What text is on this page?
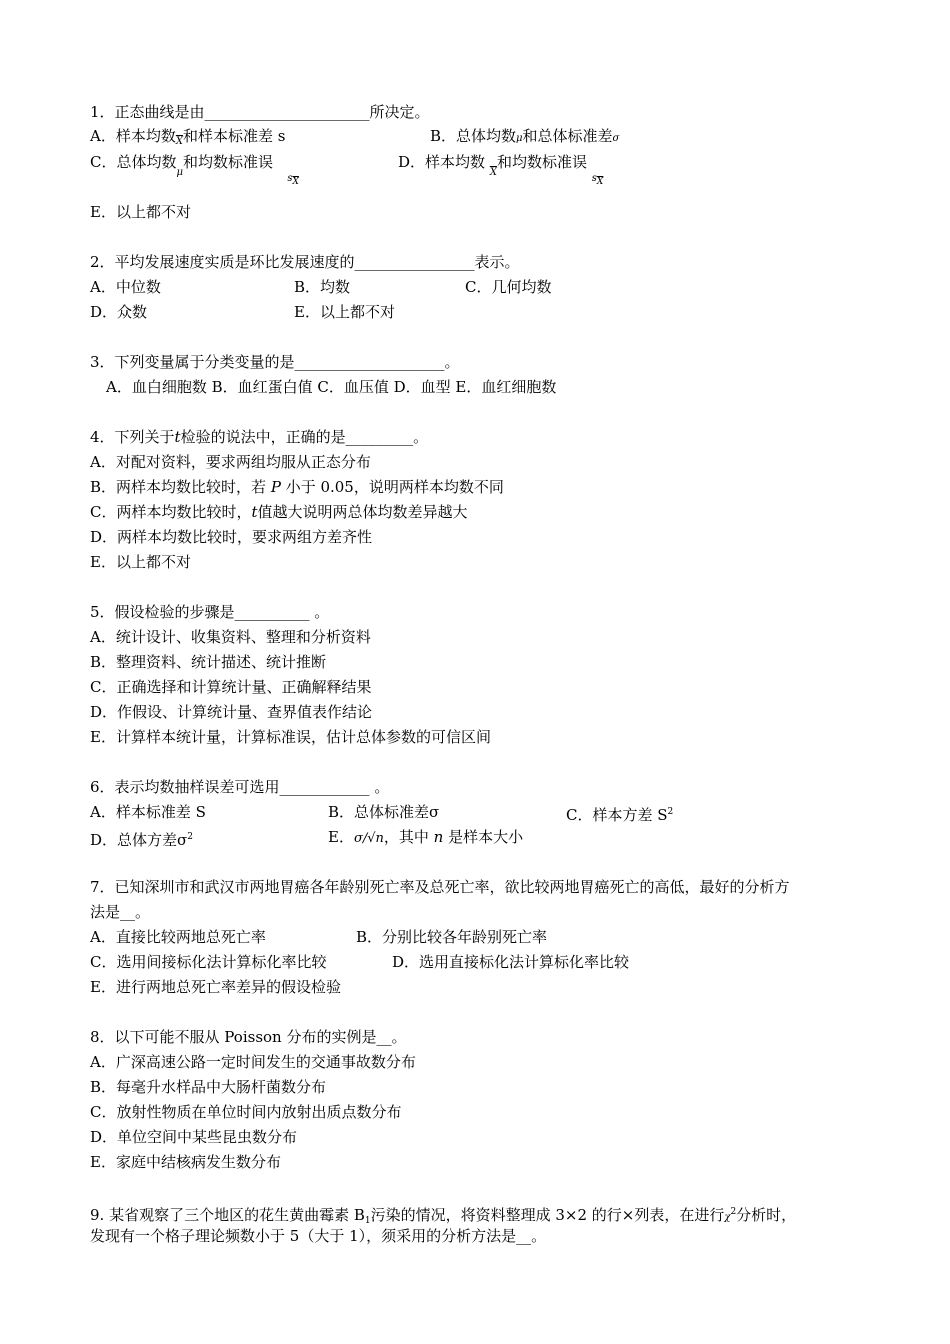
1．正态曲线是由______________________所决定。
A．样本均数$_{\overline{X}}$和样本标准差 s	B．总体均数μ和总体标准差σ
C．总体均数$_\mu$和均数标准误   $_{s_{\overline{X}}}$
D．样本均数 $_{\overline{X}}$和均数标准误 $_{s_{\overline{X}}}$
E．以上都不对
2．平均发展速度实质是环比发展速度的________________表示。
A．中位数	B．均数	C．几何均数
D．众数	E．以上都不对
3．下列变量属于分类变量的是____________________。
A．血白细胞数 B．血红蛋白值 C．血压值 D．血型 E．血红细胞数
4．下列关于t检验的说法中，正确的是_________。
A．对配对资料，要求两组均服从正态分布
B．两样本均数比较时，若 P 小于 0.05，说明两样本均数不同
C．两样本均数比较时，t值越大说明两总体均数差异越大
D．两样本均数比较时，要求两组方差齐性
E．以上都不对
5．假设检验的步骤是__________ 。
A．统计设计、收集资料、整理和分析资料
B．整理资料、统计描述、统计推断
C．正确选择和计算统计量、正确解释结果
D．作假设、计算统计量、查界值表作结论
E．计算样本统计量，计算标准误，估计总体参数的可信区间
6．表示均数抽样误差可选用____________ 。
A．样本标准差 S	B．总体标准差σ	C．样本方差 $S^2$
D．总体方差$\sigma^2$	E．σ/√n，其中 n 是样本大小
7．已知深圳市和武汉市两地胃癌各年龄别死亡率及总死亡率，欲比较两地胃癌死亡的高低，最好的分析方
法是__。
A．直接比较两地总死亡率	B．分别比较各年龄别死亡率
C．选用间接标化法计算标化率比较	D．选用直接标化法计算标化率比较
E．进行两地总死亡率差异的假设检验
8．以下可能不服从 Poisson 分布的实例是__。
A．广深高速公路一定时间发生的交通事故数分布
B．每毫升水样品中大肠杆菌数分布
C．放射性物质在单位时间内放射出质点数分布
D．单位空间中某些昆虫数分布
E．家庭中结核病发生数分布
9. 某省观察了三个地区的花生黄曲霉素 $B_1$污染的情况，将资料整理成 3×2 的行×列表，在进行$\chi^2$分析时，
发现有一个格子理论频数小于 5（大于 1），须采用的分析方法是__。
